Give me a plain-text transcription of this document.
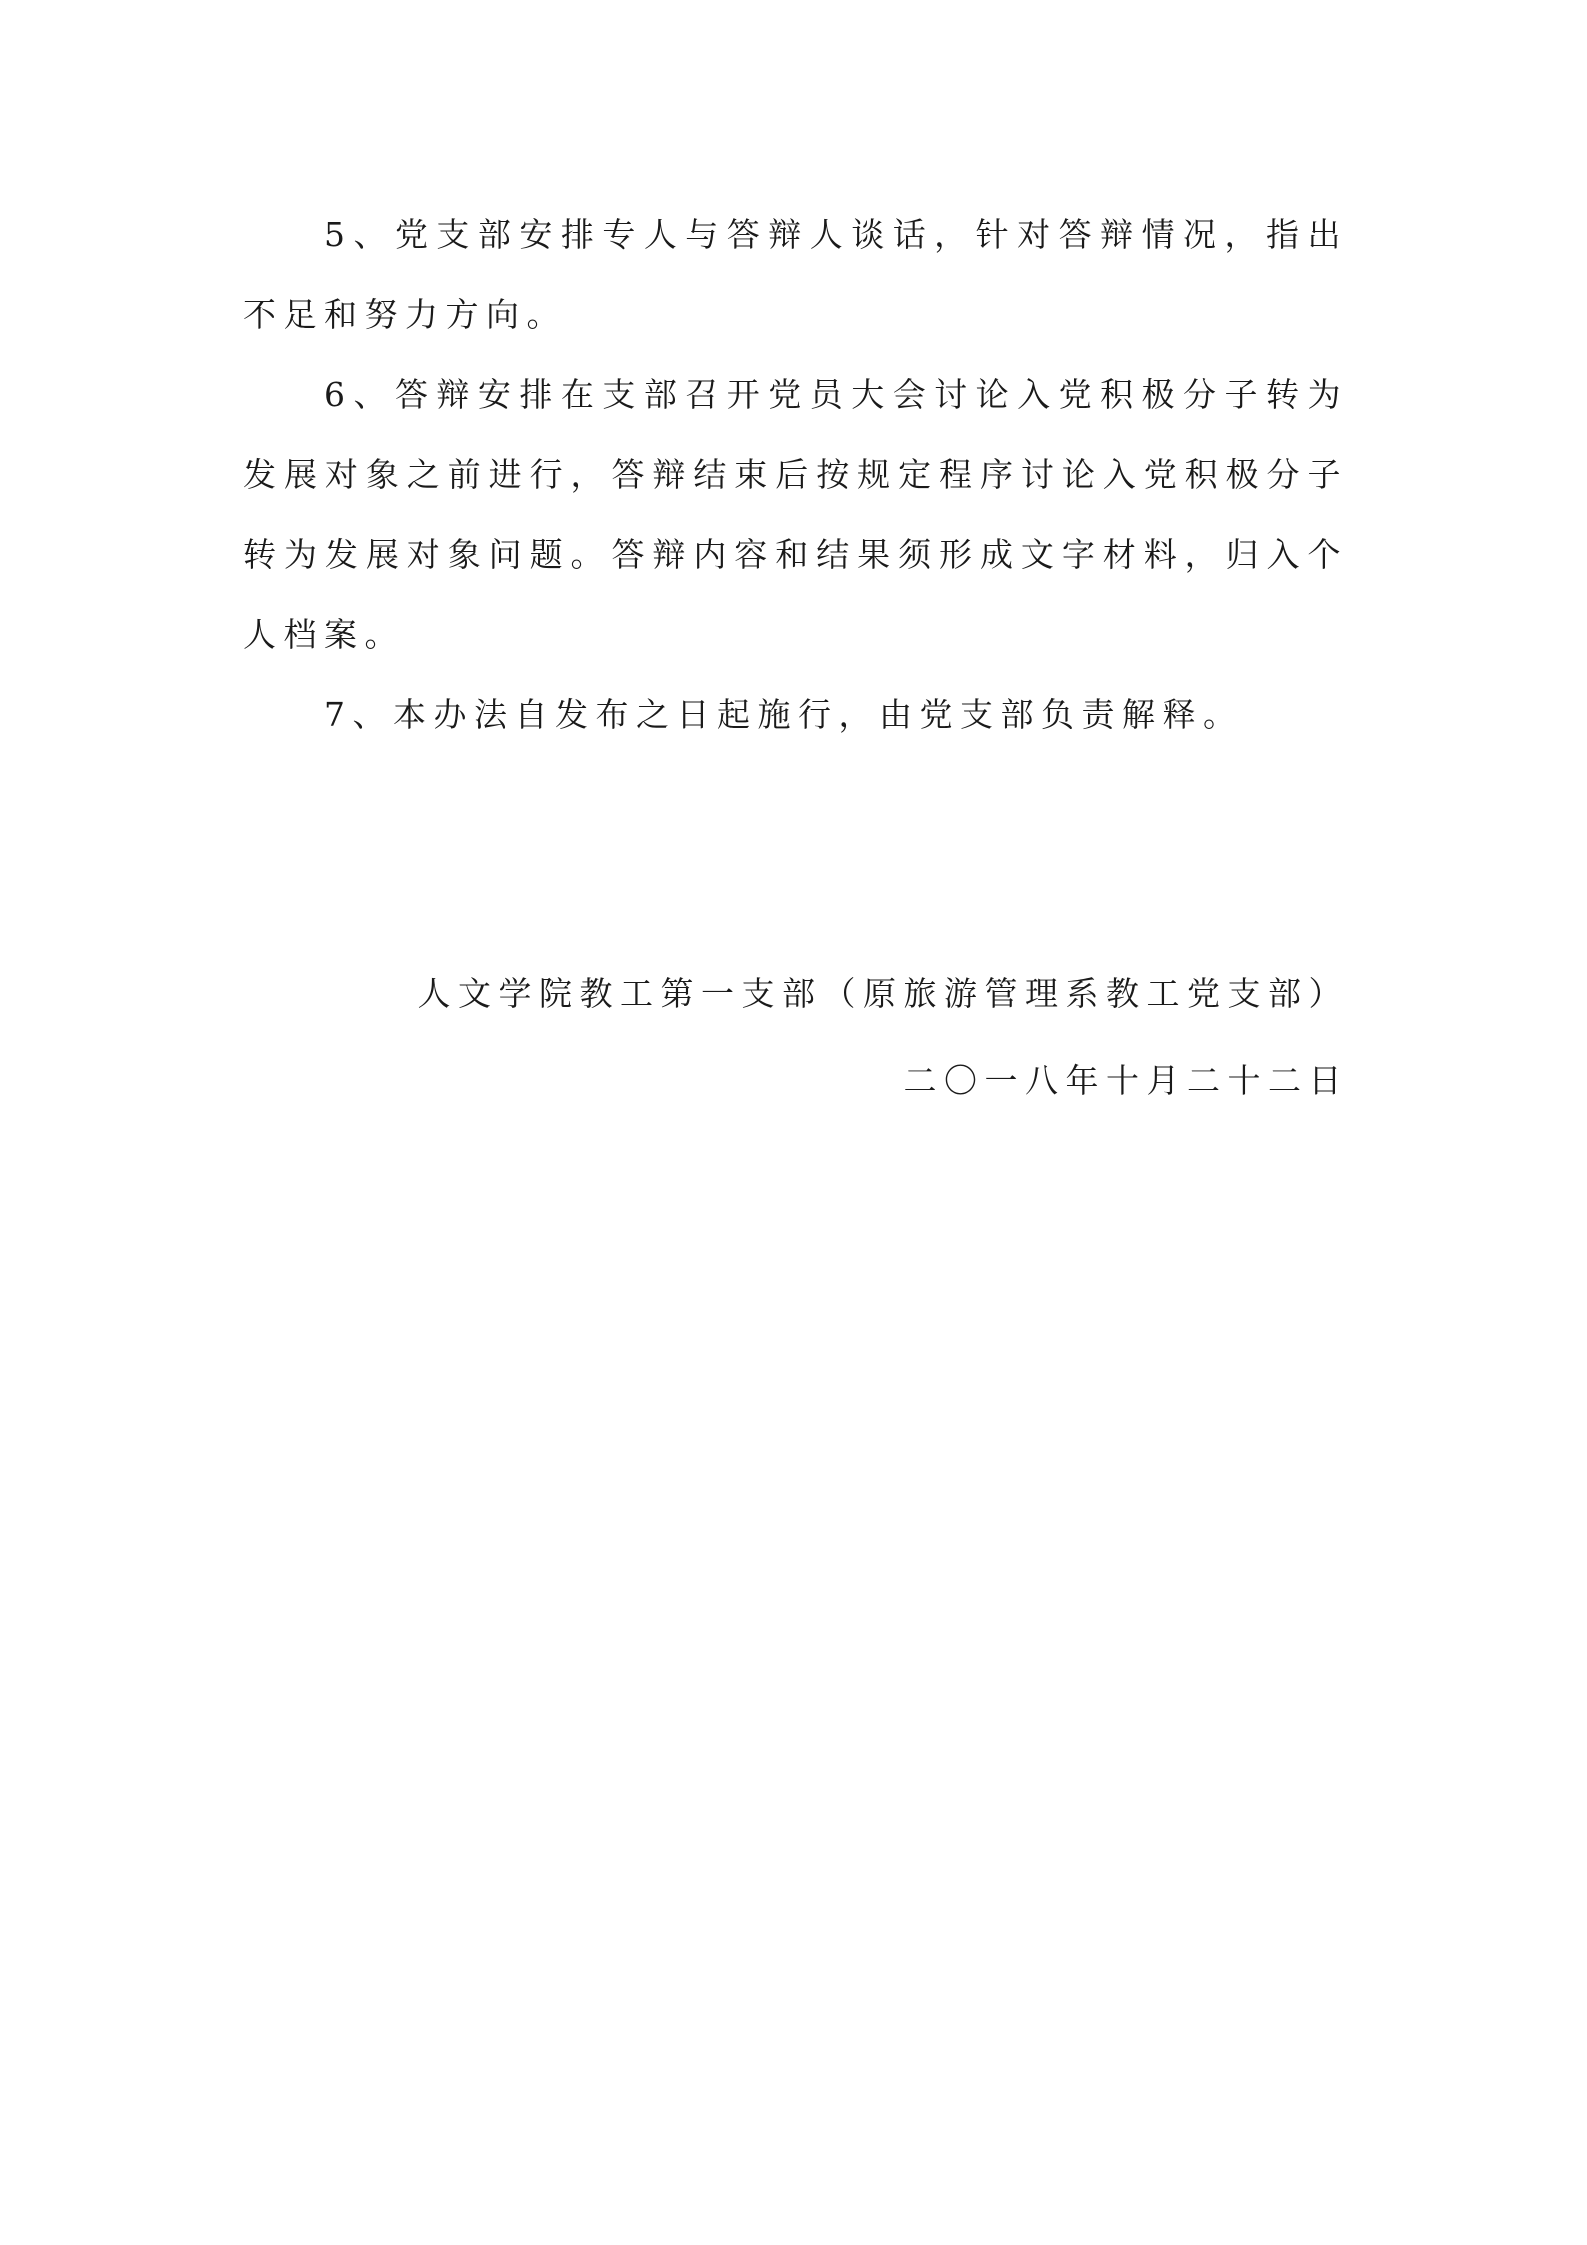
5、党支部安排专人与答辩人谈话，针对答辩情况，指出不足和努力方向。

6、答辩安排在支部召开党员大会讨论入党积极分子转为发展对象之前进行，答辩结束后按规定程序讨论入党积极分子转为发展对象问题。答辩内容和结果须形成文字材料，归入个人档案。

7、本办法自发布之日起施行，由党支部负责解释。

人文学院教工第一支部（原旅游管理系教工党支部）
二〇一八年十月二十二日
